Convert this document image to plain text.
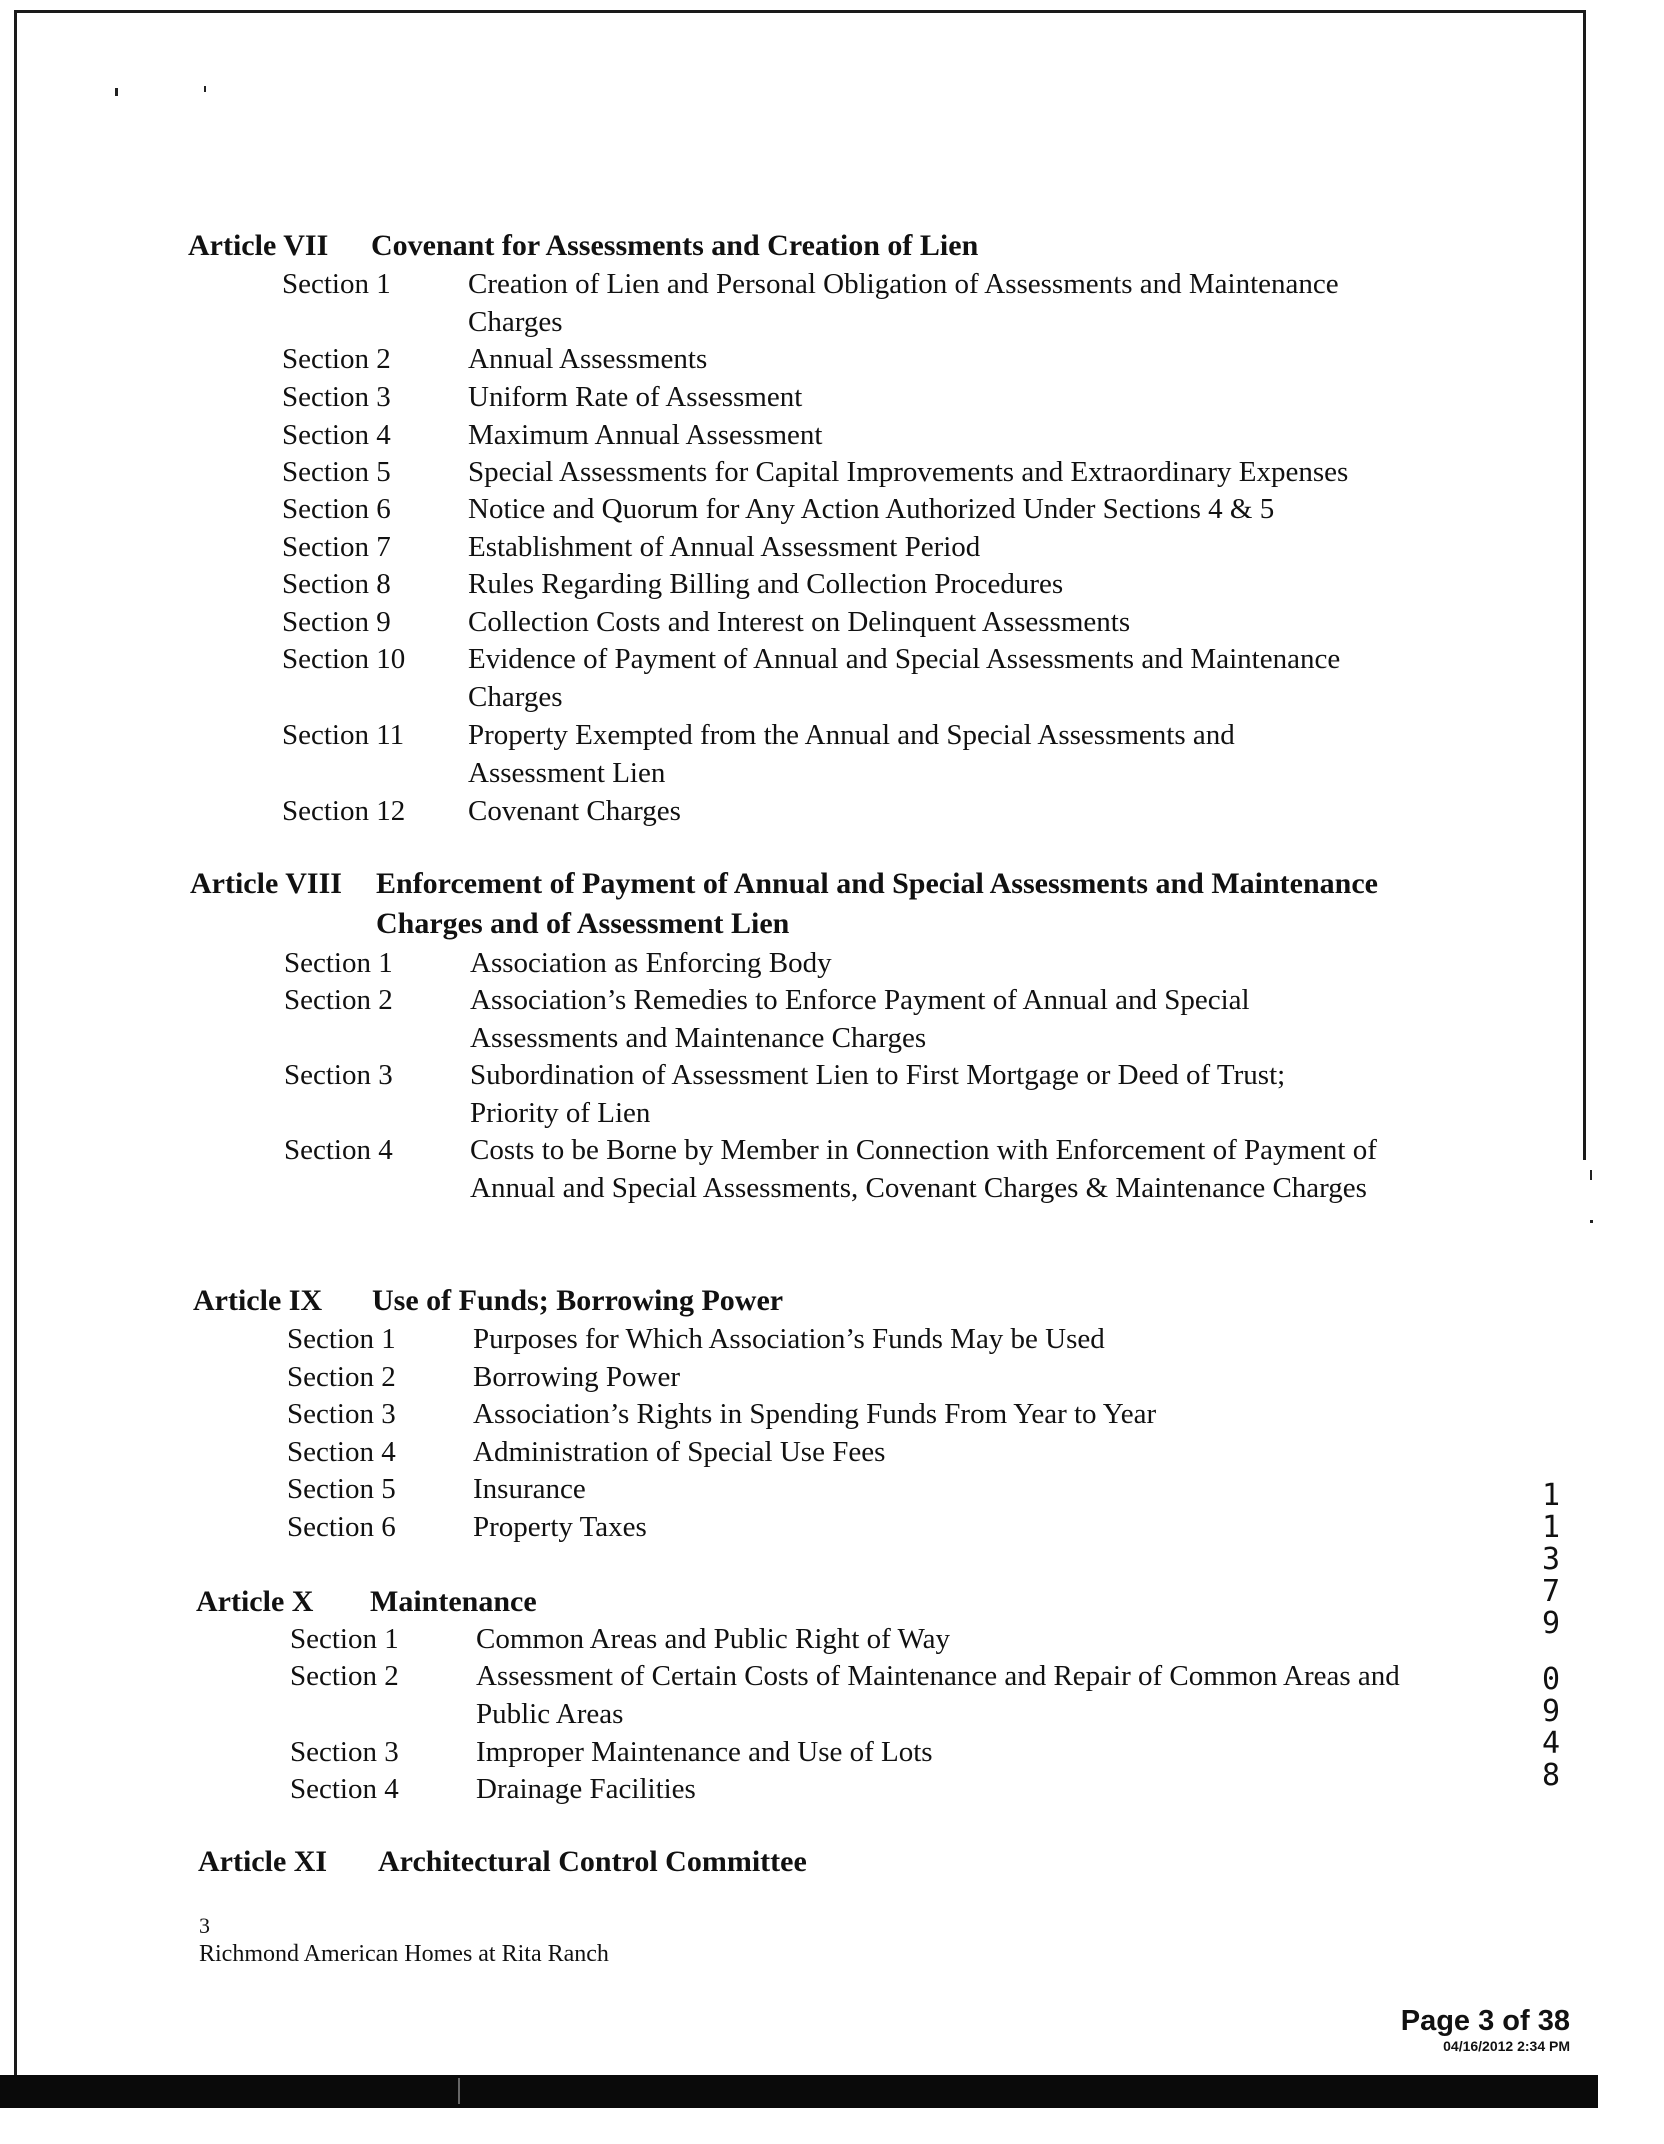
Article VII Covenant for Assessments and Creation of Lien
Section 1	Creation of Lien and Personal Obligation of Assessments and Maintenance Charges
Section 2	Annual Assessments
Section 3	Uniform Rate of Assessment
Section 4	Maximum Annual Assessment
Section 5	Special Assessments for Capital Improvements and Extraordinary Expenses
Section 6	Notice and Quorum for Any Action Authorized Under Sections 4 & 5
Section 7	Establishment of Annual Assessment Period
Section 8	Rules Regarding Billing and Collection Procedures
Section 9	Collection Costs and Interest on Delinquent Assessments
Section 10 Evidence of Payment of Annual and Special Assessments and Maintenance Charges
Section 11 Property Exempted from the Annual and Special Assessments and Assessment Lien
Section 12 Covenant Charges
Article VIII Enforcement of Payment of Annual and Special Assessments and Maintenance
Charges and of Assessment Lien
Section 1	Association as Enforcing Body
Section 2	Association’s Remedies to Enforce Payment of Annual and Special Assessments and Maintenance Charges
Section 3	Subordination of Assessment Lien to First Mortgage or Deed of Trust; Priority of Lien
Section 4	Costs to be Borne by Member in Connection with Enforcement of Payment of Annual and Special Assessments, Covenant Charges & Maintenance Charges
Article IX Use of Funds; Borrowing Power
Section 1	Purposes for Which Association’s Funds May be Used
Section 2	Borrowing Power
Section 3	Association’s Rights in Spending Funds From Year to Year
Section 4	Administration of Special Use Fees
Section 5	Insurance
Section 6	Property Taxes
Article X Maintenance
Section 1	Common Areas and Public Right of Way
Section 2	Assessment of Certain Costs of Maintenance and Repair of Common Areas and Public Areas
Section 3	Improper Maintenance and Use of Lots
Section 4	Drainage Facilities
Article XI Architectural Control Committee
1
1
3
7
9
0
9
4
8
3
Richmond American Homes at Rita Ranch
Page 3 of 38
04/16/2012 2:34 PM
